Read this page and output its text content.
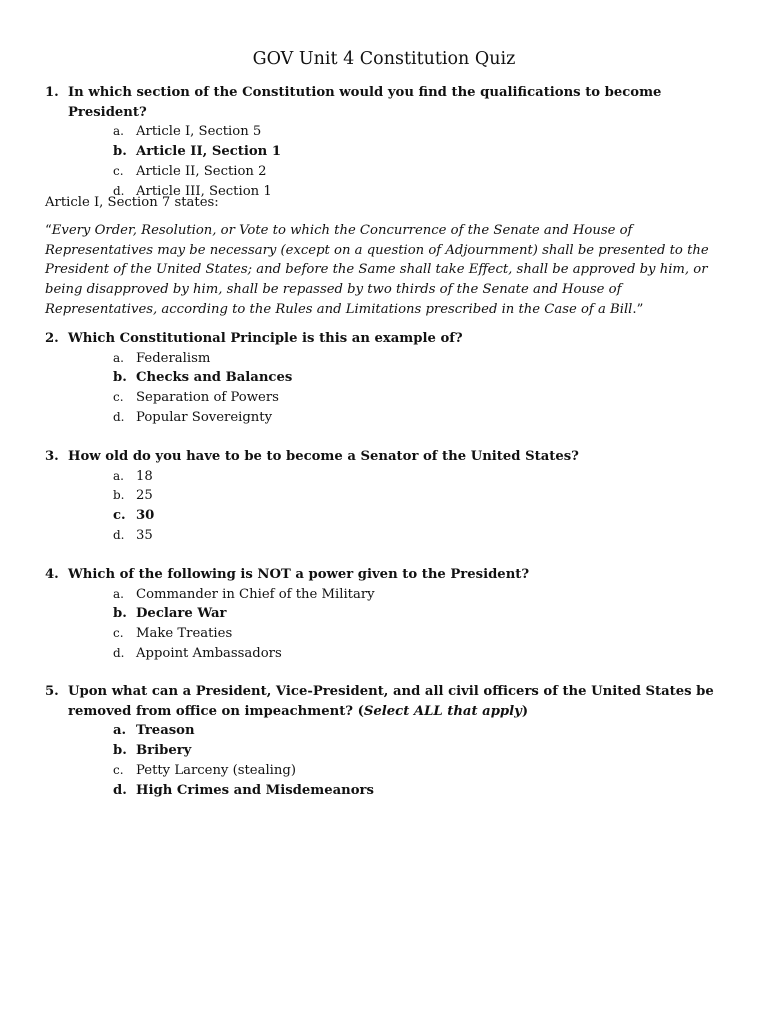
GOV Unit 4 Constitution Quiz
1. In which section of the Constitution would you find the qualifications to become President?
a. Article I, Section 5
b. Article II, Section 1
c. Article II, Section 2
d. Article III, Section 1
Article I, Section 7 states:
“Every Order, Resolution, or Vote to which the Concurrence of the Senate and House of Representatives may be necessary (except on a question of Adjournment) shall be presented to the President of the United States; and before the Same shall take Effect, shall be approved by him, or being disapproved by him, shall be repassed by two thirds of the Senate and House of Representatives, according to the Rules and Limitations prescribed in the Case of a Bill.”
2. Which Constitutional Principle is this an example of?
a. Federalism
b. Checks and Balances
c. Separation of Powers
d. Popular Sovereignty
3. How old do you have to be to become a Senator of the United States?
a. 18
b. 25
c. 30
d. 35
4. Which of the following is NOT a power given to the President?
a. Commander in Chief of the Military
b. Declare War
c. Make Treaties
d. Appoint Ambassadors
5. Upon what can a President, Vice-President, and all civil officers of the United States be removed from office on impeachment? (Select ALL that apply)
a. Treason
b. Bribery
c. Petty Larceny (stealing)
d. High Crimes and Misdemeanors
